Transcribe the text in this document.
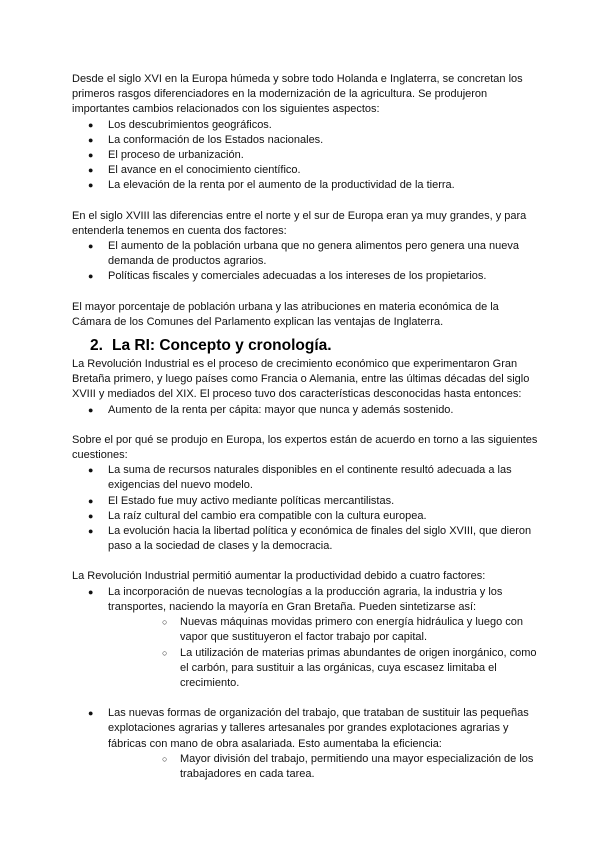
Desde el siglo XVI en la Europa húmeda y sobre todo Holanda e Inglaterra, se concretan los primeros rasgos diferenciadores en la modernización de la agricultura. Se produjeron importantes cambios relacionados con los siguientes aspectos:

● Los descubrimientos geográficos.
● La conformación de los Estados nacionales.
● El proceso de urbanización.
● El avance en el conocimiento científico.
● La elevación de la renta por el aumento de la productividad de la tierra.

En el siglo XVIII las diferencias entre el norte y el sur de Europa eran ya muy grandes, y para entenderla tenemos en cuenta dos factores:

● El aumento de la población urbana que no genera alimentos pero genera una nueva demanda de productos agrarios.
● Políticas fiscales y comerciales adecuadas a los intereses de los propietarios.

El mayor porcentaje de población urbana y las atribuciones en materia económica de la Cámara de los Comunes del Parlamento explican las ventajas de Inglaterra.

2. La RI: Concepto y cronología.

La Revolución Industrial es el proceso de crecimiento económico que experimentaron Gran Bretaña primero, y luego países como Francia o Alemania, entre las últimas décadas del siglo XVIII y mediados del XIX. El proceso tuvo dos características desconocidas hasta entonces:

● Aumento de la renta per cápita: mayor que nunca y además sostenido.

Sobre el por qué se produjo en Europa, los expertos están de acuerdo en torno a las siguientes cuestiones:

● La suma de recursos naturales disponibles en el continente resultó adecuada a las exigencias del nuevo modelo.
● El Estado fue muy activo mediante políticas mercantilistas.
● La raíz cultural del cambio era compatible con la cultura europea.
● La evolución hacia la libertad política y económica de finales del siglo XVIII, que dieron paso a la sociedad de clases y la democracia.

La Revolución Industrial permitió aumentar la productividad debido a cuatro factores:

● La incorporación de nuevas tecnologías a la producción agraria, la industria y los transportes, naciendo la mayoría en Gran Bretaña. Pueden sintetizarse así:
○ Nuevas máquinas movidas primero con energía hidráulica y luego con vapor que sustituyeron el factor trabajo por capital.
○ La utilización de materias primas abundantes de origen inorgánico, como el carbón, para sustituir a las orgánicas, cuya escasez limitaba el crecimiento.
● Las nuevas formas de organización del trabajo, que trataban de sustituir las pequeñas explotaciones agrarias y talleres artesanales por grandes explotaciones agrarias y fábricas con mano de obra asalariada. Esto aumentaba la eficiencia:
○ Mayor división del trabajo, permitiendo una mayor especialización de los trabajadores en cada tarea.
